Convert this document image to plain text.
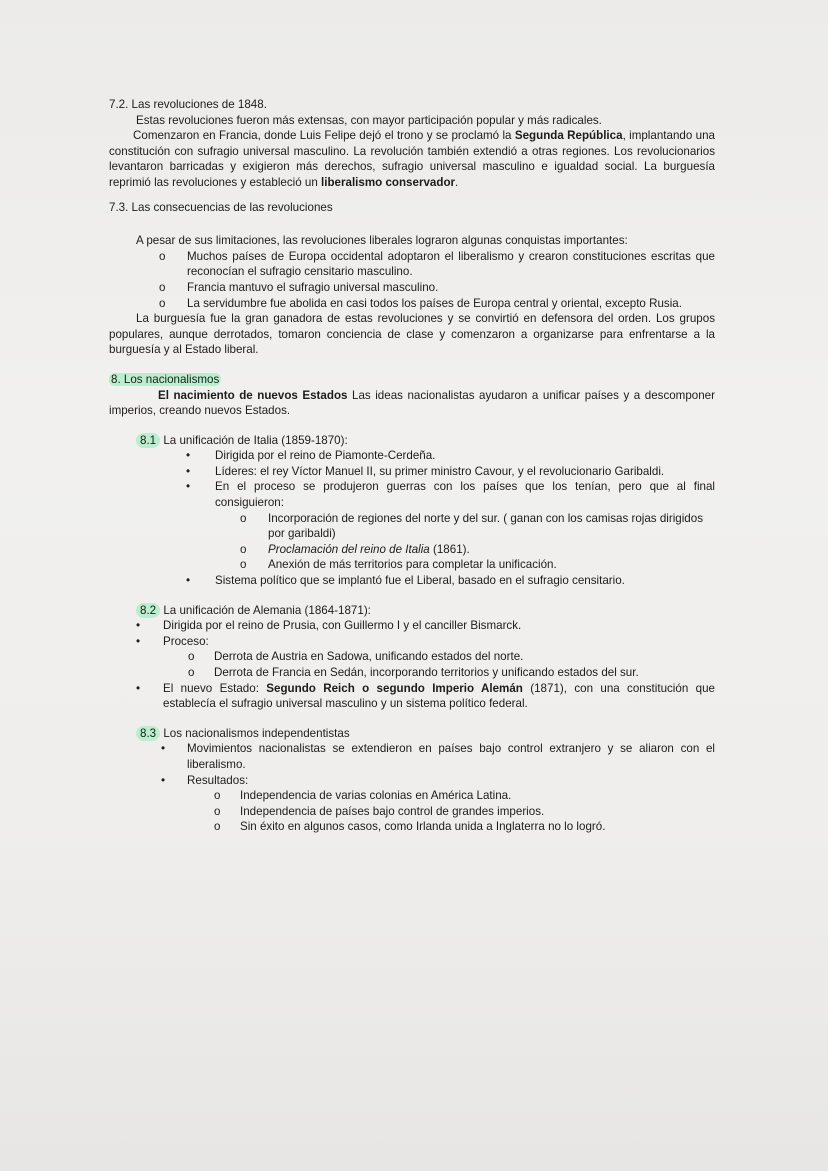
7.2. Las revoluciones de 1848.

Estas revoluciones fueron más extensas, con mayor participación popular y más radicales.

Comenzaron en Francia, donde Luis Felipe dejó el trono y se proclamó la Segunda República, implantando una constitución con sufragio universal masculino. La revolución también extendió a otras regiones. Los revolucionarios levantaron barricadas y exigieron más derechos, sufragio universal masculino e igualdad social. La burguesía reprimió las revoluciones y estableció un liberalismo conservador.

7.3. Las consecuencias de las revoluciones

A pesar de sus limitaciones, las revoluciones liberales lograron algunas conquistas importantes:

o Muchos países de Europa occidental adoptaron el liberalismo y crearon constituciones escritas que reconocían el sufragio censitario masculino.
o Francia mantuvo el sufragio universal masculino.
o La servidumbre fue abolida en casi todos los países de Europa central y oriental, excepto Rusia.

La burguesía fue la gran ganadora de estas revoluciones y se convirtió en defensora del orden. Los grupos populares, aunque derrotados, tomaron conciencia de clase y comenzaron a organizarse para enfrentarse a la burguesía y al Estado liberal.

8. Los nacionalismos

El nacimiento de nuevos Estados Las ideas nacionalistas ayudaron a unificar países y a descomponer imperios, creando nuevos Estados.

8.1 La unificación de Italia (1859-1870):

• Dirigida por el reino de Piamonte-Cerdeña.
• Líderes: el rey Víctor Manuel II, su primer ministro Cavour, y el revolucionario Garibaldi.
• En el proceso se produjeron guerras con los países que los tenían, pero que al final consiguieron:
o Incorporación de regiones del norte y del sur. ( ganan con los camisas rojas dirigidos por garibaldi)
o Proclamación del reino de Italia (1861).
o Anexión de más territorios para completar la unificación.
• Sistema político que se implantó fue el Liberal, basado en el sufragio censitario.

8.2 La unificación de Alemania (1864-1871):

• Dirigida por el reino de Prusia, con Guillermo I y el canciller Bismarck.
• Proceso:
o Derrota de Austria en Sadowa, unificando estados del norte.
o Derrota de Francia en Sedán, incorporando territorios y unificando estados del sur.
• El nuevo Estado: Segundo Reich o segundo Imperio Alemán (1871), con una constitución que establecía el sufragio universal masculino y un sistema político federal.

8.3 Los nacionalismos independentistas

• Movimientos nacionalistas se extendieron en países bajo control extranjero y se aliaron con el liberalismo.
• Resultados:
o Independencia de varias colonias en América Latina.
o Independencia de países bajo control de grandes imperios.
o Sin éxito en algunos casos, como Irlanda unida a Inglaterra no lo logró.
